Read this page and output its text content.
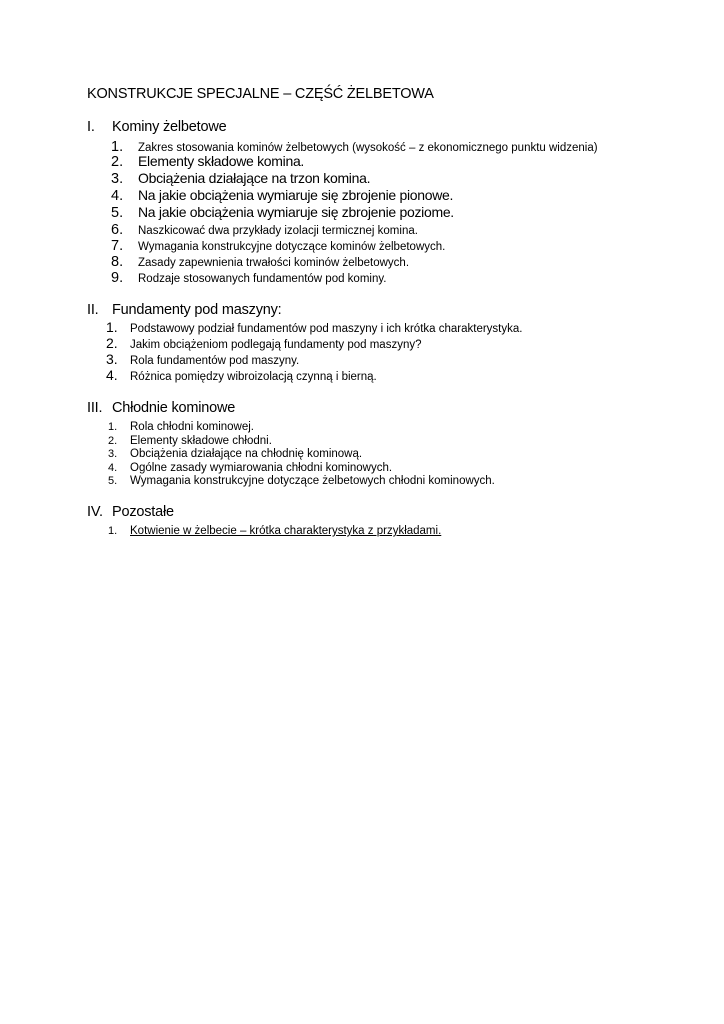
KONSTRUKCJE SPECJALNE – CZĘŚĆ ŻELBETOWA
I. Kominy żelbetowe
1. Zakres stosowania kominów żelbetowych (wysokość – z ekonomicznego punktu widzenia)
2. Elementy składowe komina.
3. Obciążenia działające na trzon komina.
4. Na jakie obciążenia wymiaruje się zbrojenie pionowe.
5. Na jakie obciążenia wymiaruje się zbrojenie poziome.
6. Naszkicować dwa przykłady izolacji termicznej komina.
7. Wymagania konstrukcyjne dotyczące kominów żelbetowych.
8. Zasady zapewnienia trwałości kominów żelbetowych.
9. Rodzaje stosowanych fundamentów pod kominy.
II. Fundamenty pod maszyny:
1. Podstawowy podział fundamentów pod maszyny i ich krótka charakterystyka.
2. Jakim obciążeniom podlegają fundamenty pod maszyny?
3. Rola fundamentów pod maszyny.
4. Różnica pomiędzy wibroizolacją czynną i bierną.
III. Chłodnie kominowe
1. Rola chłodni kominowej.
2. Elementy składowe chłodni.
3. Obciążenia działające na chłodnię kominową.
4. Ogólne zasady wymiarowania chłodni kominowych.
5. Wymagania konstrukcyjne dotyczące żelbetowych chłodni kominowych.
IV. Pozostałe
1. Kotwienie w żelbecie – krótka charakterystyka z przykładami.
